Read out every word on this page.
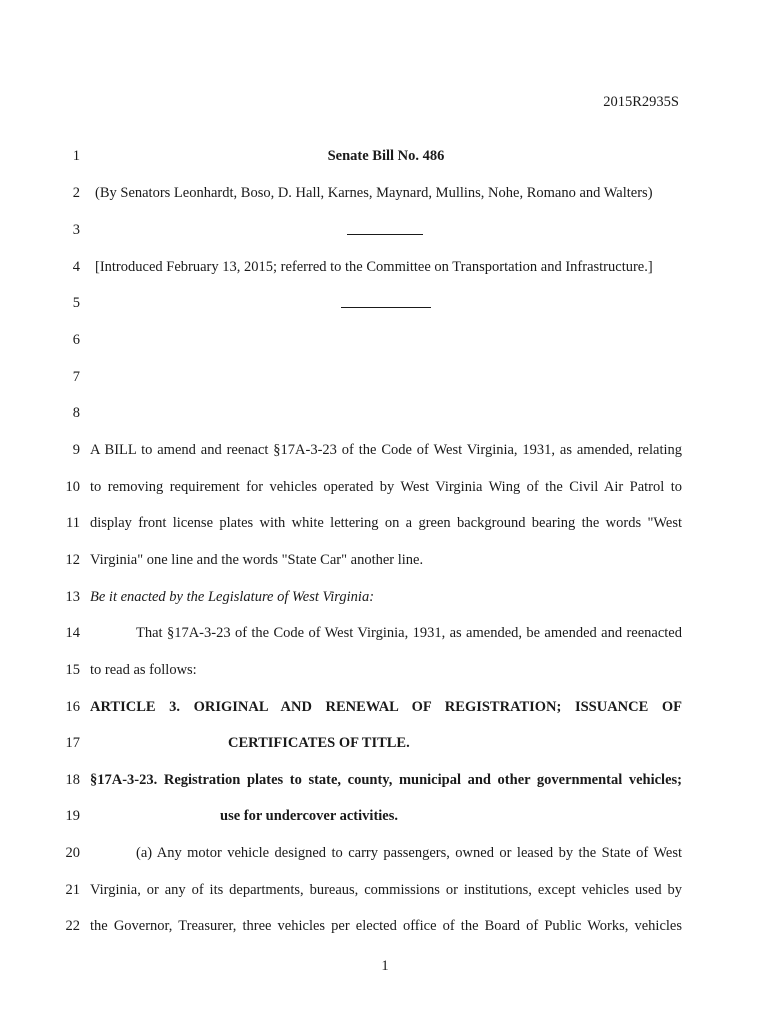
2015R2935S
1	Senate Bill No. 486
2 (By Senators Leonhardt, Boso, D. Hall, Karnes, Maynard, Mullins, Nohe, Romano and Walters)
3
4 [Introduced February 13, 2015; referred to the Committee on Transportation and Infrastructure.]
5
6
7
8
9 A BILL to amend and reenact §17A-3-23 of the Code of West Virginia, 1931, as amended, relating
10 to removing requirement for vehicles operated by West Virginia Wing of the Civil Air Patrol to
11 display front license plates with white lettering on a green background bearing the words "West
12 Virginia" one line and the words "State Car" another line.
13 Be it enacted by the Legislature of West Virginia:
14	That §17A-3-23 of the Code of West Virginia, 1931, as amended, be amended and reenacted
15 to read as follows:
16 ARTICLE 3. ORIGINAL AND RENEWAL OF REGISTRATION; ISSUANCE OF
17	CERTIFICATES OF TITLE.
18 §17A-3-23. Registration plates to state, county, municipal and other governmental vehicles;
19	use for undercover activities.
20	(a) Any motor vehicle designed to carry passengers, owned or leased by the State of West
21 Virginia, or any of its departments, bureaus, commissions or institutions, except vehicles used by
22 the Governor, Treasurer, three vehicles per elected office of the Board of Public Works, vehicles
1
